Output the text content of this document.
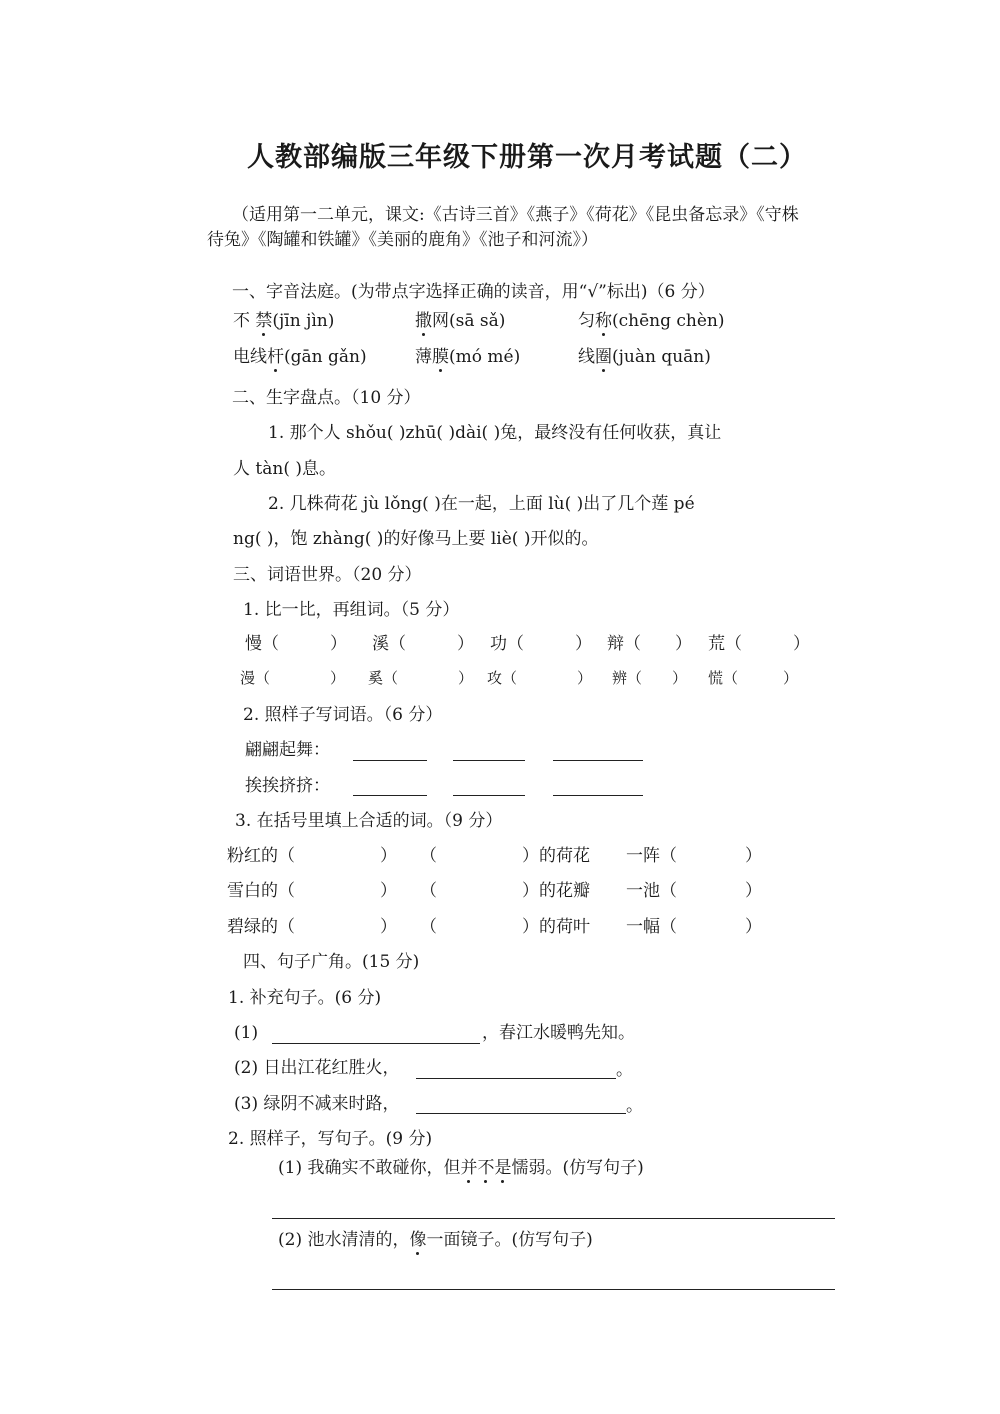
人教部编版三年级下册第一次月考试题（二）
（适用第一二单元，课文:《古诗三首》《燕子》《荷花》《昆虫备忘录》《守株
待兔》《陶罐和铁罐》《美丽的鹿角》《池子和河流》）
一、字音法庭。(为带点字选择正确的读音，用“√”标出)（6 分）
不 禁(jīn jìn)	撒网(sā sǎ)	匀称(chēng chèn)
电线杆(gān gǎn)	薄膜(mó mé)	线圈(juàn quān)
二、生字盘点。（10 分）
1. 那个人 shǒu( )zhū( )dài( )兔，最终没有任何收获，真让
人 tàn( )息。
2. 几株荷花 jù lǒng( )在一起，上面 lù( )出了几个莲 pé
ng( )，饱 zhàng( )的好像马上要 liè( )开似的。
三、词语世界。（20 分）
1. 比一比，再组词。（5 分）
慢（　　　） 溪（　　　） 功（　　　） 辩（　　） 荒（　　　）
漫（　　　　） 奚（　　　　） 攻（　　　　） 辨（　　） 慌（　　　）
2. 照样子写词语。（6 分）
翩翩起舞：
挨挨挤挤：
3. 在括号里填上合适的词。（9 分）
粉红的（　　　　　） （　　　　　）的荷花 一阵（　　　　）
雪白的（　　　　　） （　　　　　）的花瓣 一池（　　　　）
碧绿的（　　　　　） （　　　　　）的荷叶 一幅（　　　　）
四、句子广角。(15 分)
1. 补充句子。(6 分)
(1)	，春江水暖鸭先知。
(2) 日出江花红胜火，	。
(3) 绿阴不减来时路，	。
2. 照样子，写句子。(9 分)
(1) 我确实不敢碰你，但并不是懦弱。(仿写句子)
(2) 池水清清的，像一面镜子。(仿写句子)
